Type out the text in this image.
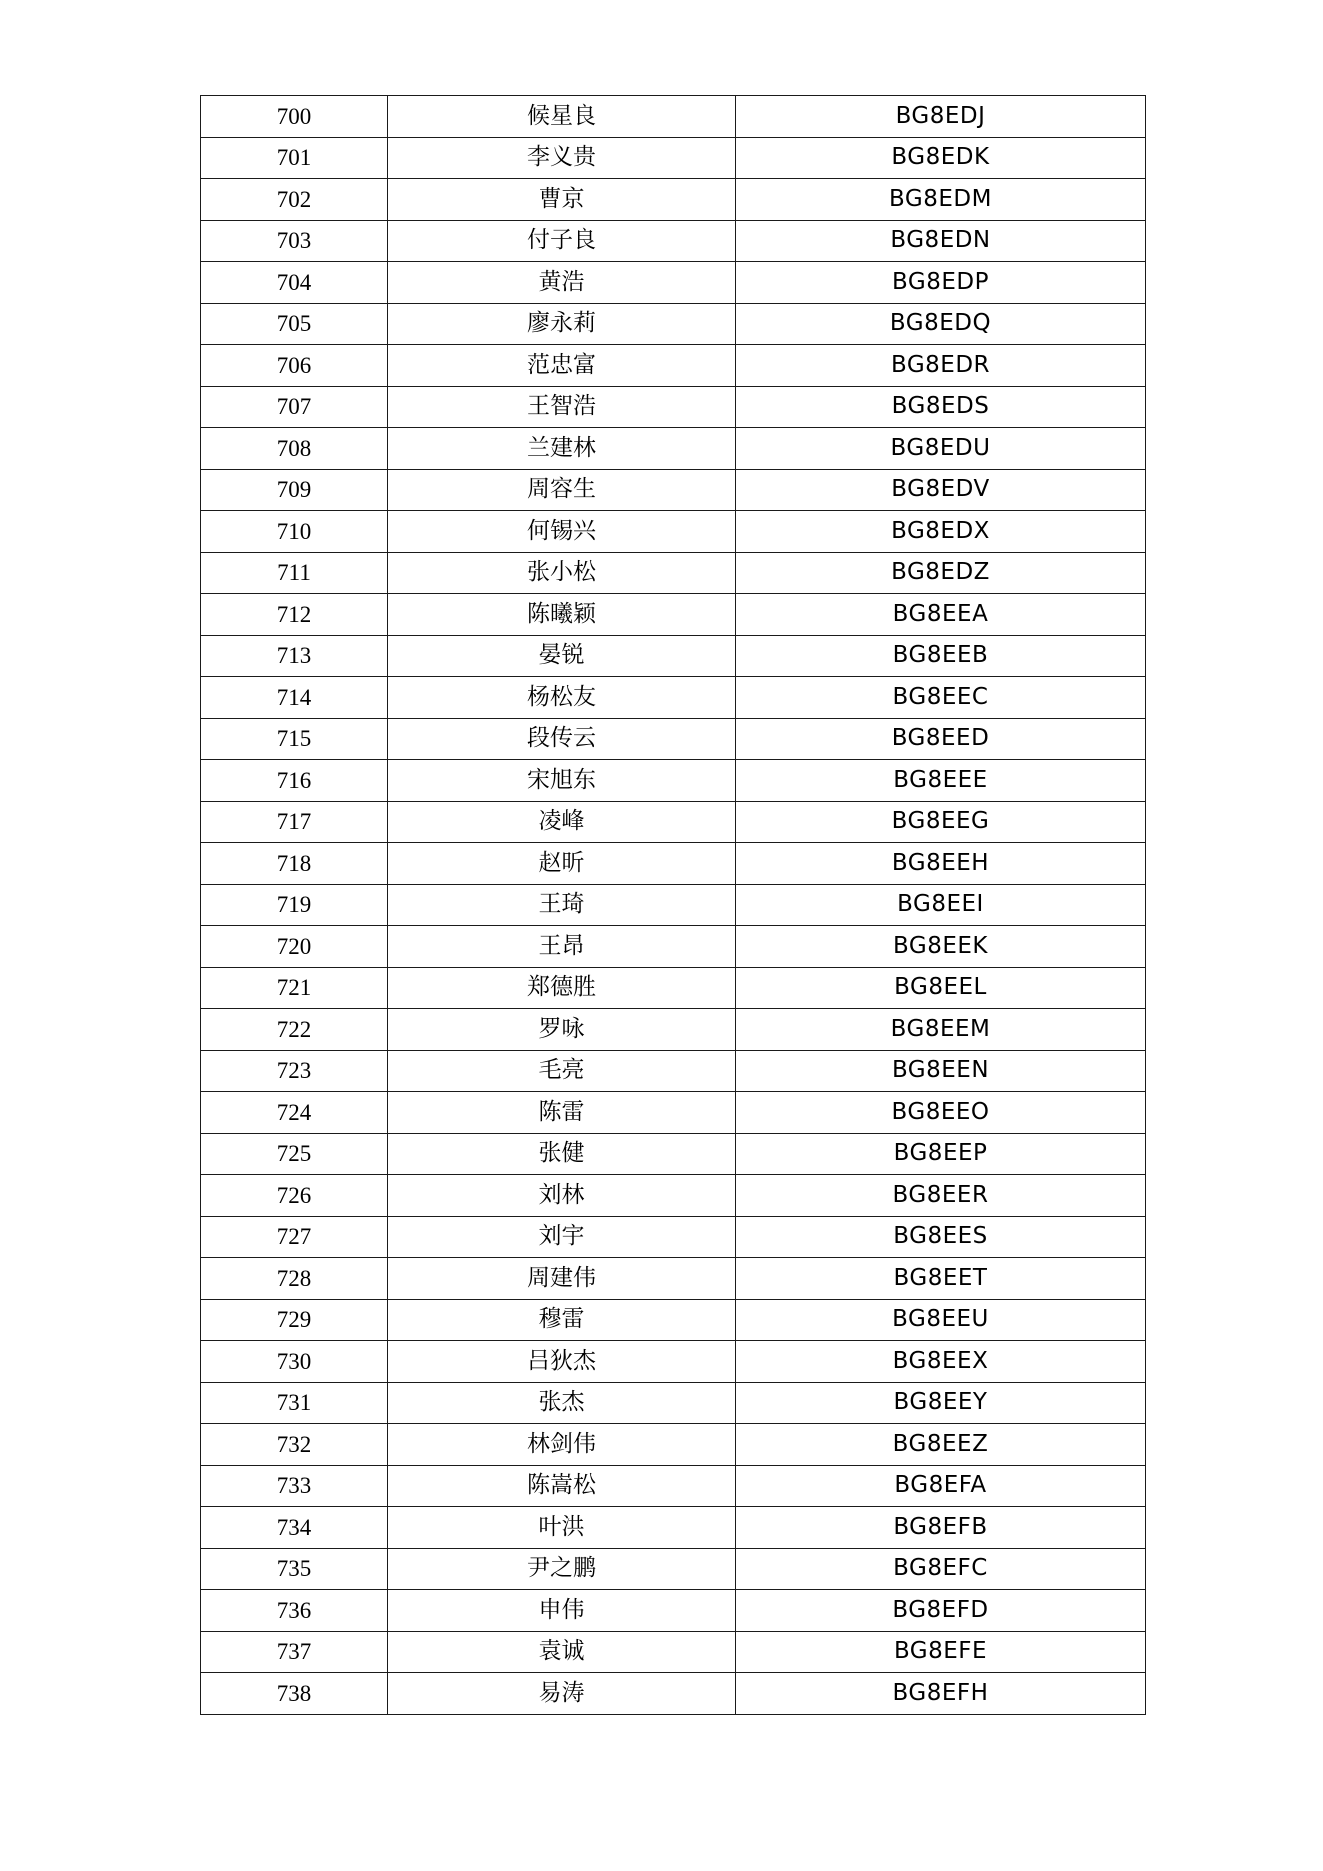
700	候星良	BG8EDJ
701	李义贵	BG8EDK
702	曹京	BG8EDM
703	付子良	BG8EDN
704	黄浩	BG8EDP
705	廖永莉	BG8EDQ
706	范忠富	BG8EDR
707	王智浩	BG8EDS
708	兰建林	BG8EDU
709	周容生	BG8EDV
710	何锡兴	BG8EDX
711	张小松	BG8EDZ
712	陈曦颖	BG8EEA
713	晏锐	BG8EEB
714	杨松友	BG8EEC
715	段传云	BG8EED
716	宋旭东	BG8EEE
717	凌峰	BG8EEG
718	赵昕	BG8EEH
719	王琦	BG8EEI
720	王昂	BG8EEK
721	郑德胜	BG8EEL
722	罗咏	BG8EEM
723	毛亮	BG8EEN
724	陈雷	BG8EEO
725	张健	BG8EEP
726	刘林	BG8EER
727	刘宇	BG8EES
728	周建伟	BG8EET
729	穆雷	BG8EEU
730	吕狄杰	BG8EEX
731	张杰	BG8EEY
732	林剑伟	BG8EEZ
733	陈嵩松	BG8EFA
734	叶洪	BG8EFB
735	尹之鹏	BG8EFC
736	申伟	BG8EFD
737	袁诚	BG8EFE
738	易涛	BG8EFH
